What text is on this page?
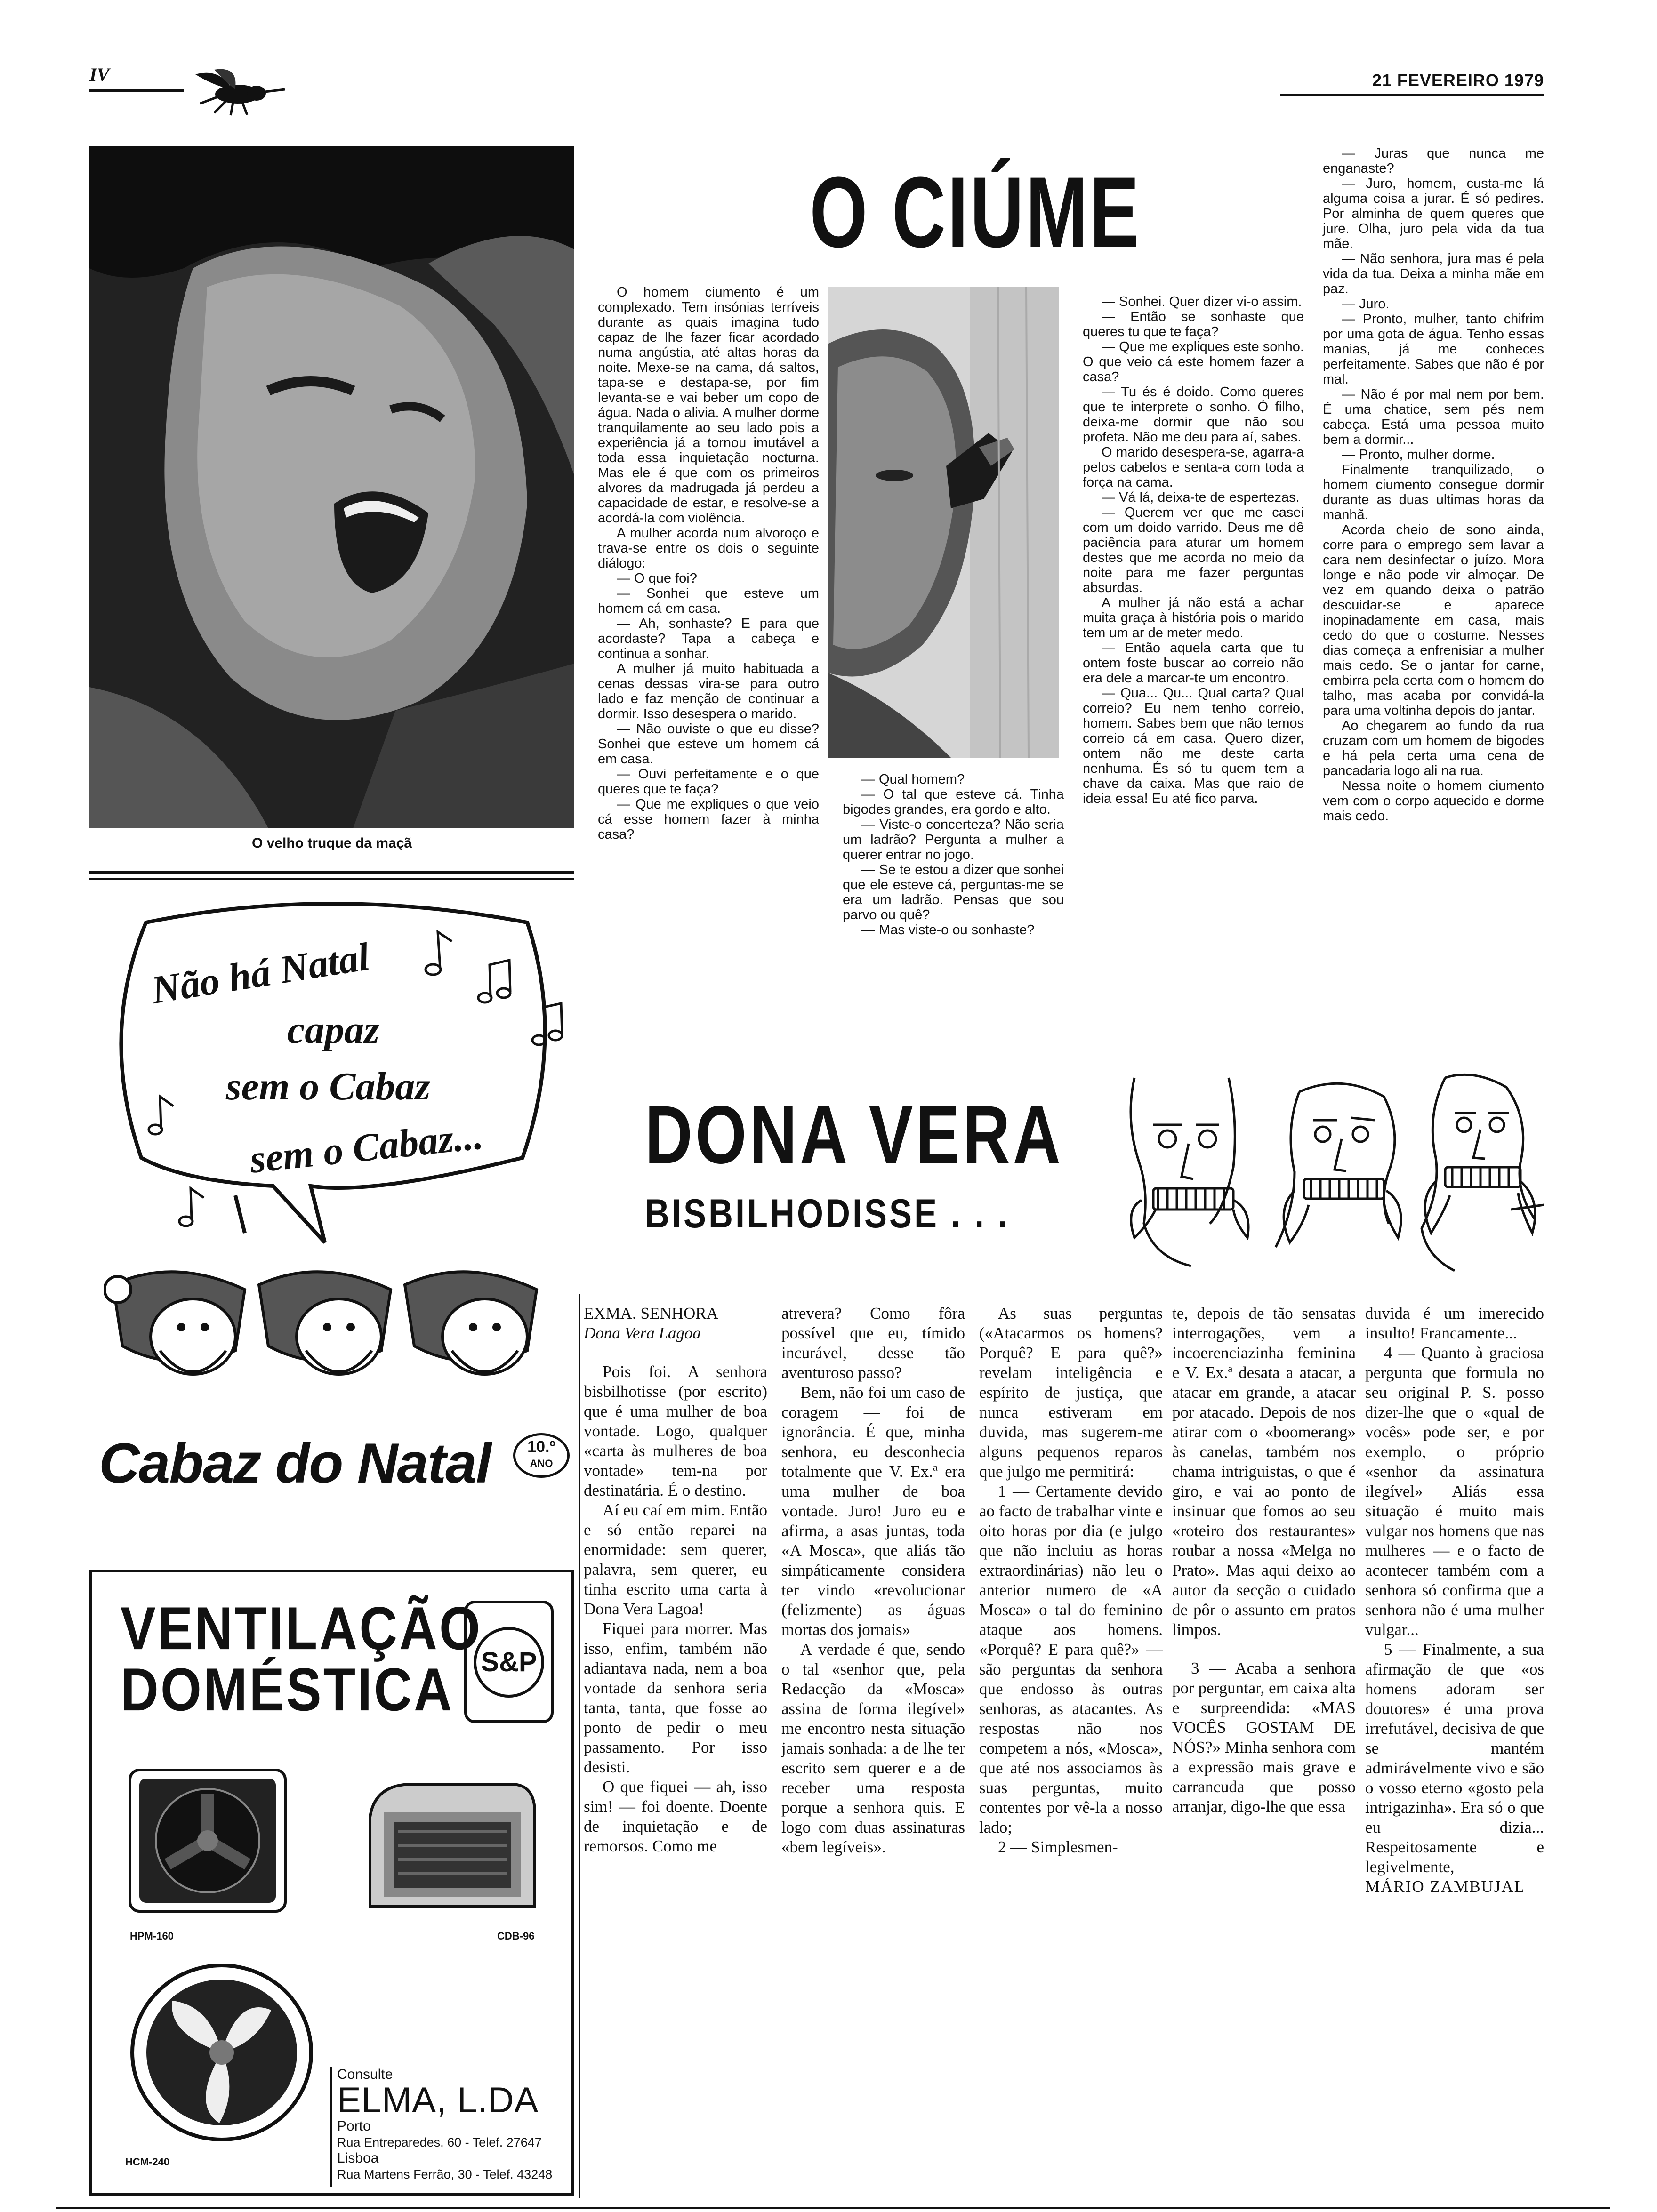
IV	21 FEVEREIRO 1979
O velho truque da maçã
O CIÚME

O homem ciumento é um complexado. Tem insónias terríveis durante as quais imagina tudo capaz de lhe fazer ficar acordado numa angústia, até altas horas da noite. Mexe-se na cama, dá saltos, tapa-se e destapa-se, por fim levanta-se e vai beber um copo de água. Nada o alivia. A mulher dorme tranquilamente ao seu lado pois a experiência já a tornou imutável a toda essa inquietação nocturna. Mas ele é que com os primeiros alvores da madrugada já perdeu a capacidade de estar, e resolve-se a acordá-la com violência.

A mulher acorda num alvoroço e trava-se entre os dois o seguinte diálogo:

— O que foi?

— Sonhei que esteve um homem cá em casa.

— Ah, sonhaste? E para que acordaste? Tapa a cabeça e continua a sonhar.

A mulher já muito habituada a cenas dessas vira-se para outro lado e faz menção de continuar a dormir. Isso desespera o marido.

— Não ouviste o que eu disse? Sonhei que esteve um homem cá em casa.

— Ouvi perfeitamente e o que queres que te faça?

— Que me expliques o que veio cá esse homem fazer à minha casa?

— Qual homem?

— O tal que esteve cá. Tinha bigodes grandes, era gordo e alto.

— Viste-o concerteza? Não seria um ladrão? Pergunta a mulher a querer entrar no jogo.

— Se te estou a dizer que sonhei que ele esteve cá, perguntas-me se era um ladrão. Pensas que sou parvo ou quê?

— Mas viste-o ou sonhaste?

— Sonhei. Quer dizer vi-o assim.

— Então se sonhaste que queres tu que te faça?

— Que me expliques este sonho. O que veio cá este homem fazer a casa?

— Tu és é doido. Como queres que te interprete o sonho. Ó filho, deixa-me dormir que não sou profeta. Não me deu para aí, sabes.

O marido desespera-se, agarra-a pelos cabelos e senta-a com toda a força na cama.

— Vá lá, deixa-te de espertezas.

— Querem ver que me casei com um doido varrido. Deus me dê paciência para aturar um homem destes que me acorda no meio da noite para me fazer perguntas absurdas.

A mulher já não está a achar muita graça à história pois o marido tem um ar de meter medo.

— Então aquela carta que tu ontem foste buscar ao correio não era dele a marcar-te um encontro.

— Qua... Qu... Qual carta? Qual correio? Eu nem tenho correio, homem. Sabes bem que não temos correio cá em casa. Quero dizer, ontem não me deste carta nenhuma. És só tu quem tem a chave da caixa. Mas que raio de ideia essa! Eu até fico parva.

— Juras que nunca me enganaste?

— Juro, homem, custa-me lá alguma coisa a jurar. É só pedires. Por alminha de quem queres que jure. Olha, juro pela vida da tua mãe.

— Não senhora, jura mas é pela vida da tua. Deixa a minha mãe em paz.

— Juro.

— Pronto, mulher, tanto chifrim por uma gota de água. Tenho essas manias, já me conheces perfeitamente. Sabes que não é por mal.

— Não é por mal nem por bem. É uma chatice, sem pés nem cabeça. Está uma pessoa muito bem a dormir...

— Pronto, mulher dorme.

Finalmente tranquilizado, o homem ciumento consegue dormir durante as duas ultimas horas da manhã.

Acorda cheio de sono ainda, corre para o emprego sem lavar a cara nem desinfectar o juízo. Mora longe e não pode vir almoçar. De vez em quando deixa o patrão descuidar-se e aparece inopinadamente em casa, mais cedo do que o costume. Nesses dias começa a enfrenisiar a mulher mais cedo. Se o jantar for carne, embirra pela certa com o homem do talho, mas acaba por convidá-la para uma voltinha depois do jantar.

Ao chegarem ao fundo da rua cruzam com um homem de bigodes e há pela certa uma cena de pancadaria logo ali na rua.

Nessa noite o homem ciumento vem com o corpo aquecido e dorme mais cedo.

DONA VERA
BISBILHODISSE . . .

EXMA. SENHORA

Dona Vera Lagoa

Pois foi. A senhora bisbilhotisse (por escrito) que é uma mulher de boa vontade. Logo, qualquer «carta às mulheres de boa vontade» tem-na por destinatária. É o destino.

Aí eu caí em mim. Então e só então reparei na enormidade: sem querer, palavra, sem querer, eu tinha escrito uma carta à Dona Vera Lagoa!

Fiquei para morrer. Mas isso, enfim, também não adiantava nada, nem a boa vontade da senhora seria tanta, tanta, que fosse ao ponto de pedir o meu passamento. Por isso desisti.

O que fiquei — ah, isso sim! — foi doente. Doente de inquietação e de remorsos. Como me

atrevera? Como fôra possível que eu, tímido incurável, desse tão aventuroso passo?

Bem, não foi um caso de coragem — foi de ignorância. É que, minha senhora, eu desconhecia totalmente que V. Ex.ª era uma mulher de boa vontade. Juro! Juro eu e afirma, a asas juntas, toda «A Mosca», que aliás tão simpáticamente considera ter vindo «revolucionar (felizmente) as águas mortas dos jornais»

A verdade é que, sendo o tal «senhor que, pela Redacção da «Mosca» assina de forma ilegível» me encontro nesta situação jamais sonhada: a de lhe ter escrito sem querer e a de receber uma resposta porque a senhora quis. E logo com duas assinaturas «bem legíveis».

As suas perguntas («Atacarmos os homens? Porquê? E para quê?» revelam inteligência e espírito de justiça, que nunca estiveram em duvida, mas sugerem-me alguns pequenos reparos que julgo me permitirá:

1 — Certamente devido ao facto de trabalhar vinte e oito horas por dia (e julgo que não incluiu as horas extraordinárias) não leu o anterior numero de «A Mosca» o tal do feminino ataque aos homens. «Porquê? E para quê?» — são perguntas da senhora que endosso às outras senhoras, as atacantes. As respostas não nos competem a nós, «Mosca», que até nos associamos às suas perguntas, muito contentes por vê-la a nosso lado;

2 — Simplesmen-

te, depois de tão sensatas interrogações, vem a incoerenciazinha feminina e V. Ex.ª desata a atacar, a atacar em grande, a atacar por atacado. Depois de nos atirar com o «boomerang» às canelas, também nos chama intriguistas, o que é giro, e vai ao ponto de insinuar que fomos ao seu «roteiro dos restaurantes» roubar a nossa «Melga no Prato». Mas aqui deixo ao autor da secção o cuidado de pôr o assunto em pratos limpos.

3 — Acaba a senhora por perguntar, em caixa alta e surpreendida: «MAS VOCÊS GOSTAM DE NÓS?» Minha senhora com a expressão mais grave e carrancuda que posso arranjar, digo-lhe que essa

duvida é um imerecido insulto! Francamente...

4 — Quanto à graciosa pergunta que formula no seu original P. S. posso dizer-lhe que o «qual de vocês» pode ser, e por exemplo, o próprio «senhor da assinatura ilegível» Aliás essa situação é muito mais vulgar nos homens que nas mulheres — e o facto de acontecer também com a senhora só confirma que a senhora não é uma mulher vulgar...

5 — Finalmente, a sua afirmação de que «os homens adoram ser doutores» é uma prova irrefutável, decisiva de que se mantém admirávelmente vivo e são o vosso eterno «gosto pela intrigazinha». Era só o que eu dizia... Respeitosamente e legivelmente,

MÁRIO ZAMBUJAL

Não há Natal
capaz
sem o Cabaz
sem o Cabaz...
Cabaz do Natal	10.º
ANO
VENTILAÇÃO
DOMÉSTICA S&P
HPM-160	CDB-96
HCM-240
Consulte
ELMA, L.DA
Porto
Rua Entreparedes, 60 - Telef. 27647
Lisboa
Rua Martens Ferrão, 30 - Telef. 43248
